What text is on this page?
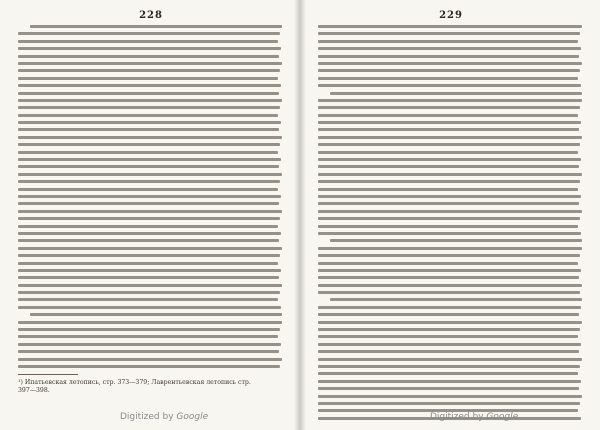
228

¹) Ипатьевская летопись, стр. 373—379; Лаврентьевская летопись стр.

397—398.

Digitized by Google
229
Digitized by Google
